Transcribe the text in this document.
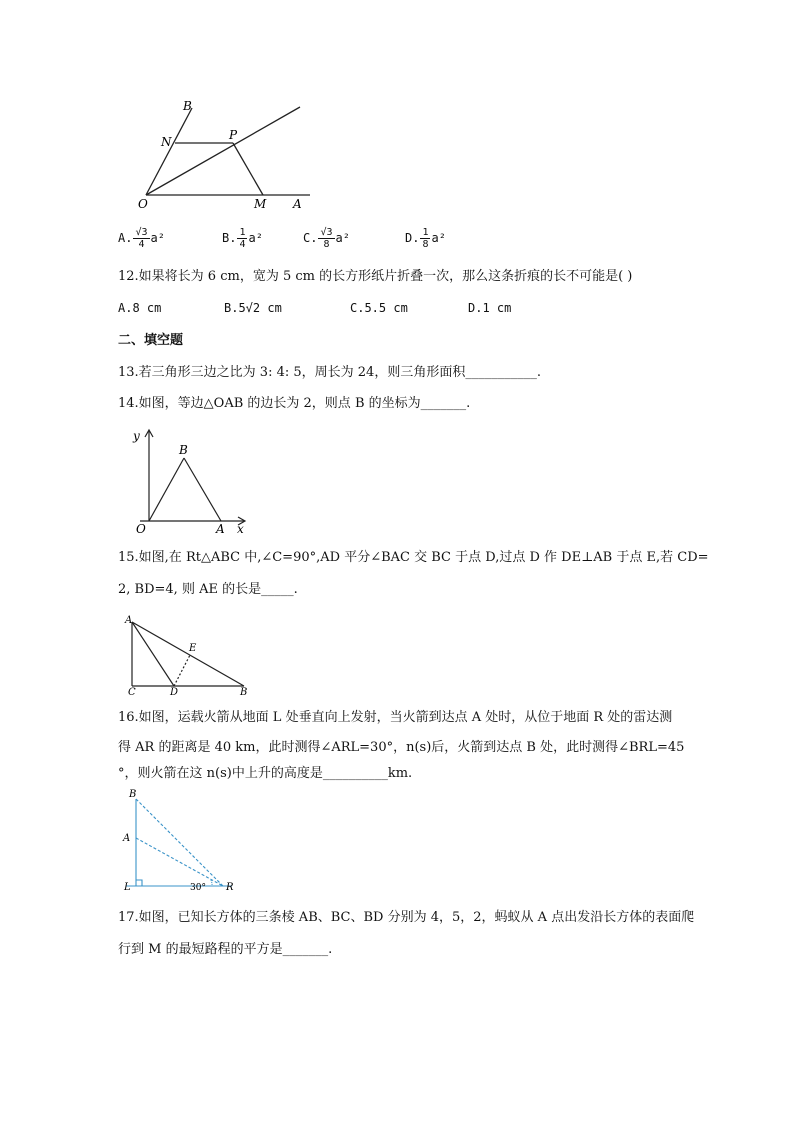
B
N	P
O	M A
A. $\frac{√3}{4} a^2$	B. $\frac{1}{4} a^2$	C. $\frac{√3}{8} a^2$	D. $\frac{1}{8} a^2$
12.如果将长为 6 cm，宽为 5 cm 的长方形纸片折叠一次，那么这条折痕的长不可能是( )
A.8 cm	B.5√2 cm	C.5.5 cm	D.1 cm
二、填空题
13.若三角形三边之比为 3: 4: 5，周长为 24，则三角形面积___________.
14.如图，等边△OAB 的边长为 2，则点 B 的坐标为_______.
y
B
O	A x
15.如图,在 Rt△ABC 中,∠C=90°,AD 平分∠BAC 交 BC 于点 D,过点 D 作 DE⊥AB 于点 E,若 CD=
2, BD=4, 则 AE 的长是_____.
A
E
C	D	B
16.如图，运载火箭从地面 L 处垂直向上发射，当火箭到达点 A 处时，从位于地面 R 处的雷达测
得 AR 的距离是 40 km，此时测得∠ARL=30°，n(s)后，火箭到达点 B 处，此时测得∠BRL=45
°，则火箭在这 n(s)中上升的高度是__________km.
B
A
L	30° R
17.如图，已知长方体的三条棱 AB、BC、BD 分别为 4，5，2，蚂蚁从 A 点出发沿长方体的表面爬
行到 M 的最短路程的平方是_______.
